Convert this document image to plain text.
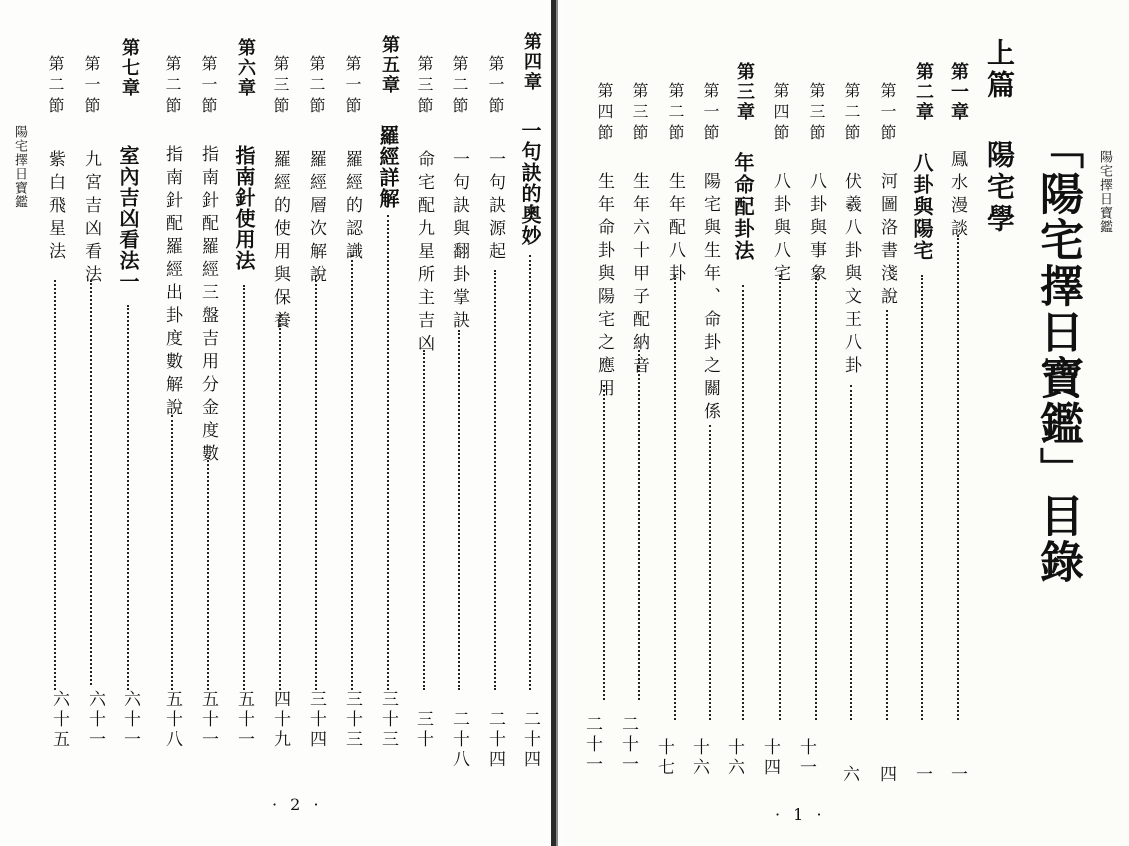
陽宅擇日寶鑑
「陽宅擇日寶鑑」目錄
上篇
陽宅學
第一章
鳳水漫談
一
第二章
八卦與陽宅
一
第一節
河圖洛書淺說
四
第二節
伏羲八卦與文王八卦
六
第三節
八卦與事象
十一
第四節
八卦與八宅
十四
第三章
年命配卦法
十六
第一節
陽宅與生年、命卦之關係
十六
第二節
生年配八卦
十七
第三節
生年六十甲子配納音
二十一
第四節
生年命卦與陽宅之應用
二十一
· 1 ·
陽宅擇日寶鑑
第四章
一句訣的奧妙
二十四
第一節
一句訣源起
二十四
第二節
一句訣與翻卦掌訣
二十八
第三節
命宅配九星所主吉凶
三十
第五章
羅經詳解
三十三
第一節
羅經的認識
三十三
第二節
羅經層次解說
三十四
第三節
羅經的使用與保養
四十九
第六章
指南針使用法
五十一
第一節
指南針配羅經三盤吉用分金度數
五十一
第二節
指南針配羅經出卦度數解說
五十八
第七章
室內吉凶看法一
六十一
第一節
九宮吉凶看法
六十一
第二節
紫白飛星法
六十五
· 2 ·
